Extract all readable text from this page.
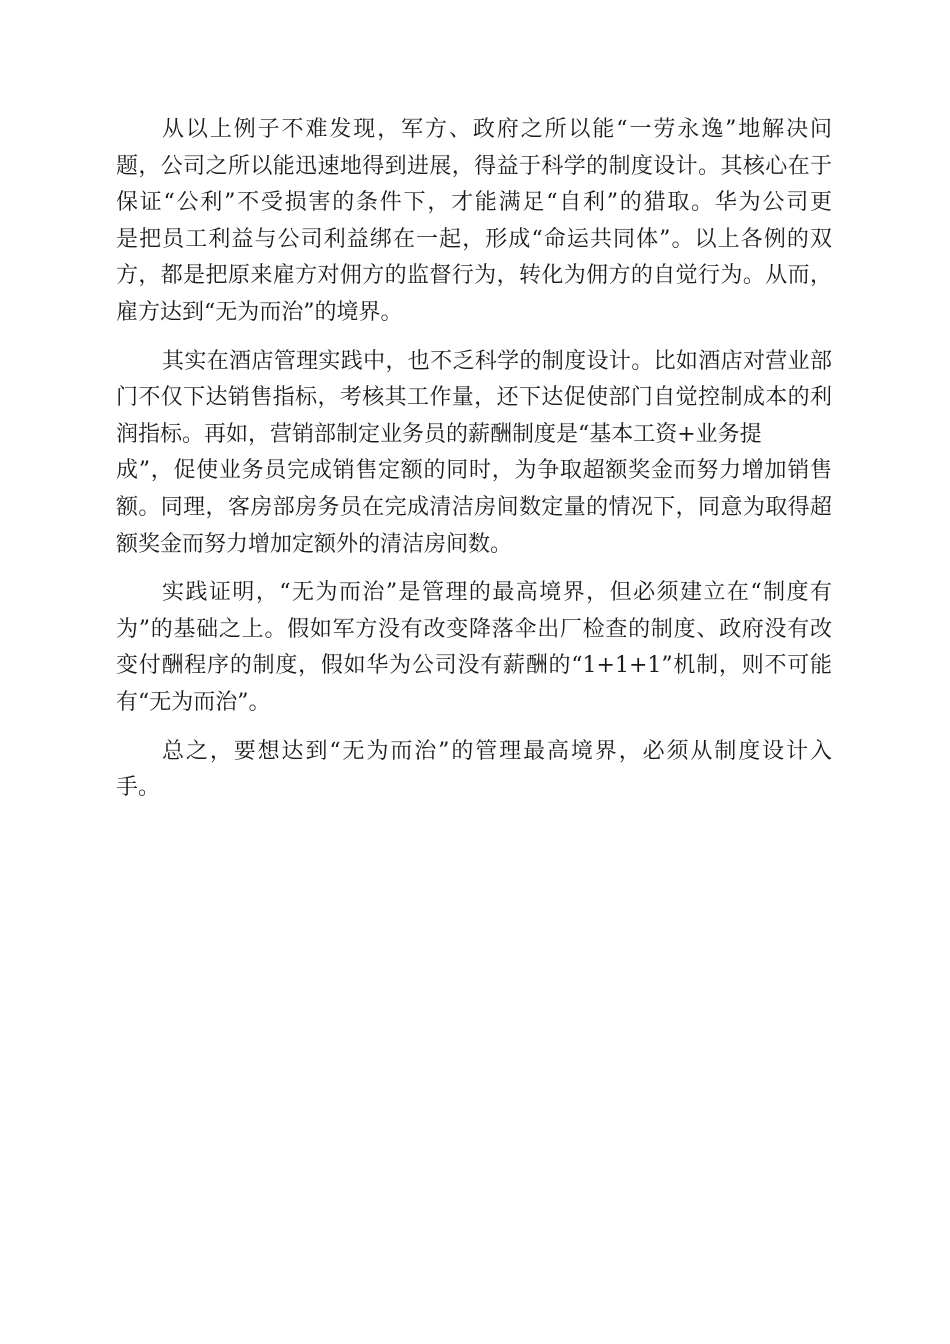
从以上例子不难发现，军方、政府之所以能“一劳永逸”地解决问
题，公司之所以能迅速地得到进展，得益于科学的制度设计。其核心在于
保证“公利”不受损害的条件下，才能满足“自利”的猎取。华为公司更
是把员工利益与公司利益绑在一起，形成“命运共同体”。以上各例的双
方，都是把原来雇方对佣方的监督行为，转化为佣方的自觉行为。从而，
雇方达到“无为而治”的境界。

其实在酒店管理实践中，也不乏科学的制度设计。比如酒店对营业部
门不仅下达销售指标，考核其工作量，还下达促使部门自觉控制成本的利
润指标。再如，营销部制定业务员的薪酬制度是“基本工资+业务提
成”，促使业务员完成销售定额的同时，为争取超额奖金而努力增加销售
额。同理，客房部房务员在完成清洁房间数定量的情况下，同意为取得超
额奖金而努力增加定额外的清洁房间数。

实践证明，“无为而治”是管理的最高境界，但必须建立在“制度有
为”的基础之上。假如军方没有改变降落伞出厂检查的制度、政府没有改
变付酬程序的制度，假如华为公司没有薪酬的“1+1+1”机制，则不可能
有“无为而治”。

总之，要想达到“无为而治”的管理最高境界，必须从制度设计入
手。
